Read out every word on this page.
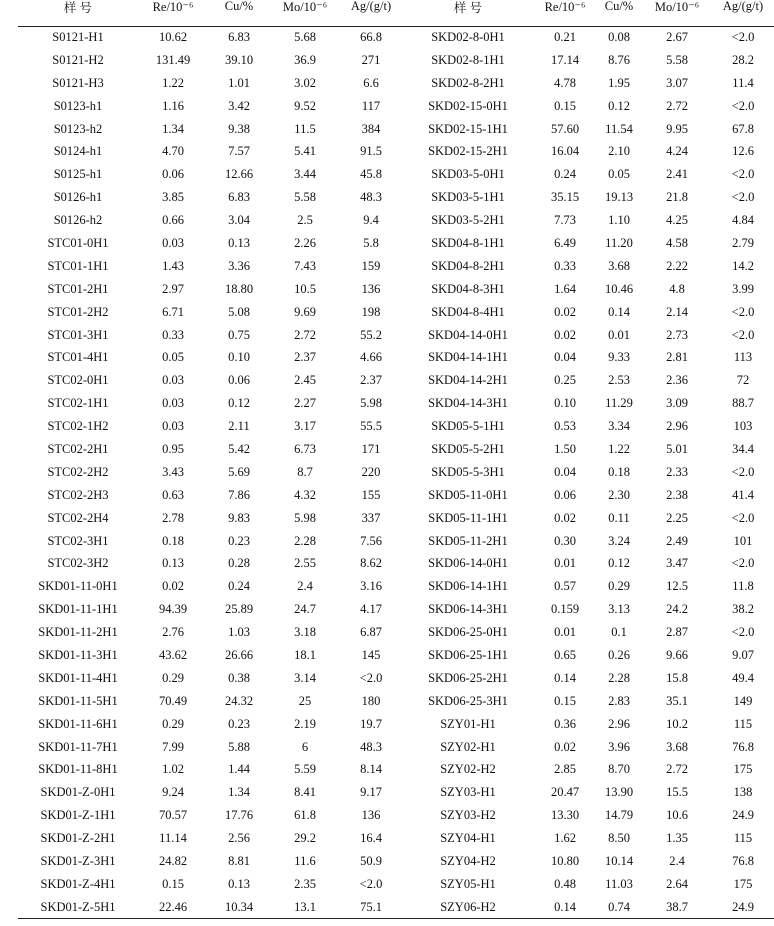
样 号	Re/10⁻⁶	Cu/%	Mo/10⁻⁶	Ag/(g/t)	样 号	Re/10⁻⁶	Cu/%	Mo/10⁻⁶	Ag/(g/t)
S0121-H1	10.62	6.83	5.68	66.8	SKD02-8-0H1	0.21	0.08	2.67	<2.0
S0121-H2	131.49	39.10	36.9	271	SKD02-8-1H1	17.14	8.76	5.58	28.2
S0121-H3	1.22	1.01	3.02	6.6	SKD02-8-2H1	4.78	1.95	3.07	11.4
S0123-h1	1.16	3.42	9.52	117	SKD02-15-0H1	0.15	0.12	2.72	<2.0
S0123-h2	1.34	9.38	11.5	384	SKD02-15-1H1	57.60	11.54	9.95	67.8
S0124-h1	4.70	7.57	5.41	91.5	SKD02-15-2H1	16.04	2.10	4.24	12.6
S0125-h1	0.06	12.66	3.44	45.8	SKD03-5-0H1	0.24	0.05	2.41	<2.0
S0126-h1	3.85	6.83	5.58	48.3	SKD03-5-1H1	35.15	19.13	21.8	<2.0
S0126-h2	0.66	3.04	2.5	9.4	SKD03-5-2H1	7.73	1.10	4.25	4.84
STC01-0H1	0.03	0.13	2.26	5.8	SKD04-8-1H1	6.49	11.20	4.58	2.79
STC01-1H1	1.43	3.36	7.43	159	SKD04-8-2H1	0.33	3.68	2.22	14.2
STC01-2H1	2.97	18.80	10.5	136	SKD04-8-3H1	1.64	10.46	4.8	3.99
STC01-2H2	6.71	5.08	9.69	198	SKD04-8-4H1	0.02	0.14	2.14	<2.0
STC01-3H1	0.33	0.75	2.72	55.2	SKD04-14-0H1	0.02	0.01	2.73	<2.0
STC01-4H1	0.05	0.10	2.37	4.66	SKD04-14-1H1	0.04	9.33	2.81	113
STC02-0H1	0.03	0.06	2.45	2.37	SKD04-14-2H1	0.25	2.53	2.36	72
STC02-1H1	0.03	0.12	2.27	5.98	SKD04-14-3H1	0.10	11.29	3.09	88.7
STC02-1H2	0.03	2.11	3.17	55.5	SKD05-5-1H1	0.53	3.34	2.96	103
STC02-2H1	0.95	5.42	6.73	171	SKD05-5-2H1	1.50	1.22	5.01	34.4
STC02-2H2	3.43	5.69	8.7	220	SKD05-5-3H1	0.04	0.18	2.33	<2.0
STC02-2H3	0.63	7.86	4.32	155	SKD05-11-0H1	0.06	2.30	2.38	41.4
STC02-2H4	2.78	9.83	5.98	337	SKD05-11-1H1	0.02	0.11	2.25	<2.0
STC02-3H1	0.18	0.23	2.28	7.56	SKD05-11-2H1	0.30	3.24	2.49	101
STC02-3H2	0.13	0.28	2.55	8.62	SKD06-14-0H1	0.01	0.12	3.47	<2.0
SKD01-11-0H1	0.02	0.24	2.4	3.16	SKD06-14-1H1	0.57	0.29	12.5	11.8
SKD01-11-1H1	94.39	25.89	24.7	4.17	SKD06-14-3H1	0.159	3.13	24.2	38.2
SKD01-11-2H1	2.76	1.03	3.18	6.87	SKD06-25-0H1	0.01	0.1	2.87	<2.0
SKD01-11-3H1	43.62	26.66	18.1	145	SKD06-25-1H1	0.65	0.26	9.66	9.07
SKD01-11-4H1	0.29	0.38	3.14	<2.0	SKD06-25-2H1	0.14	2.28	15.8	49.4
SKD01-11-5H1	70.49	24.32	25	180	SKD06-25-3H1	0.15	2.83	35.1	149
SKD01-11-6H1	0.29	0.23	2.19	19.7	SZY01-H1	0.36	2.96	10.2	115
SKD01-11-7H1	7.99	5.88	6	48.3	SZY02-H1	0.02	3.96	3.68	76.8
SKD01-11-8H1	1.02	1.44	5.59	8.14	SZY02-H2	2.85	8.70	2.72	175
SKD01-Z-0H1	9.24	1.34	8.41	9.17	SZY03-H1	20.47	13.90	15.5	138
SKD01-Z-1H1	70.57	17.76	61.8	136	SZY03-H2	13.30	14.79	10.6	24.9
SKD01-Z-2H1	11.14	2.56	29.2	16.4	SZY04-H1	1.62	8.50	1.35	115
SKD01-Z-3H1	24.82	8.81	11.6	50.9	SZY04-H2	10.80	10.14	2.4	76.8
SKD01-Z-4H1	0.15	0.13	2.35	<2.0	SZY05-H1	0.48	11.03	2.64	175
SKD01-Z-5H1	22.46	10.34	13.1	75.1	SZY06-H2	0.14	0.74	38.7	24.9
